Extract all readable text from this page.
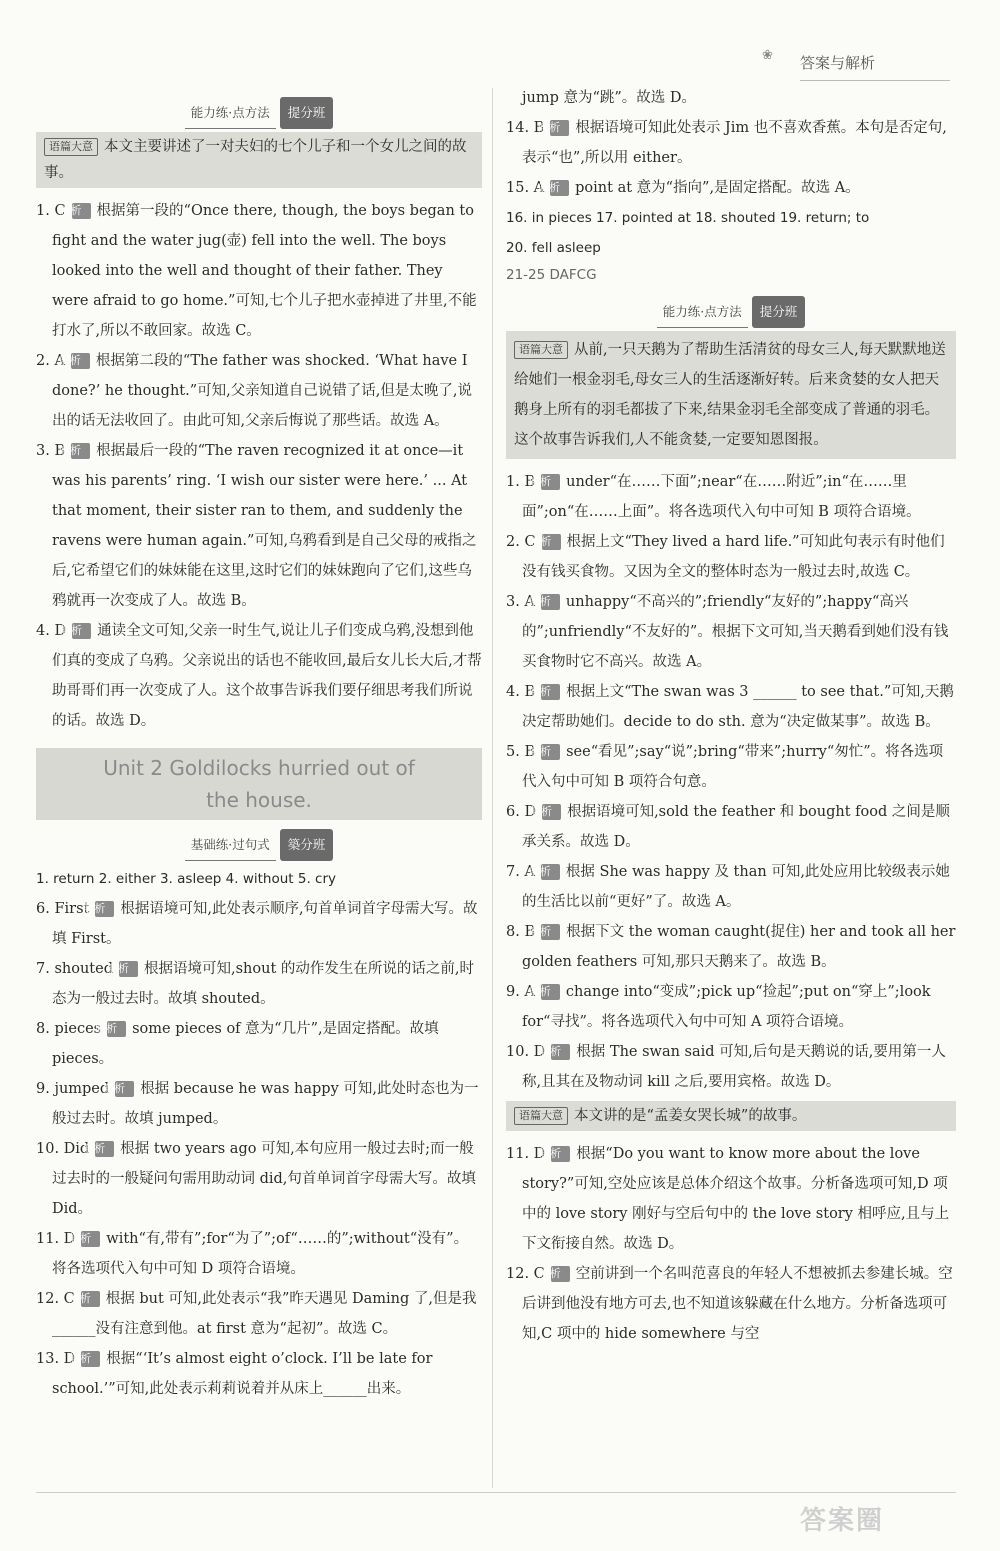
❀	答案与解析
能力练·点方法	提分班
语篇大意 本文主要讲述了一对夫妇的七个儿子和一个女儿之间的故事。
1. C解析 根据第一段的“Once there, though, the boys began to fight and the water jug(壶) fell into the well. The boys looked into the well and thought of their father. They were afraid to go home.”可知,七个儿子把水壶掉进了井里,不能打水了,所以不敢回家。故选 C。
2. A解析 根据第二段的“The father was shocked. ‘What have I done?’ he thought.”可知,父亲知道自己说错了话,但是太晚了,说出的话无法收回了。由此可知,父亲后悔说了那些话。故选 A。
3. B解析 根据最后一段的“The raven recognized it at once—it was his parents’ ring. ‘I wish our sister were here.’ ... At that moment, their sister ran to them, and suddenly the ravens were human again.”可知,乌鸦看到是自己父母的戒指之后,它希望它们的妹妹能在这里,这时它们的妹妹跑向了它们,这些乌鸦就再一次变成了人。故选 B。
4. D解析 通读全文可知,父亲一时生气,说让儿子们变成乌鸦,没想到他们真的变成了乌鸦。父亲说出的话也不能收回,最后女儿长大后,才帮助哥哥们再一次变成了人。这个故事告诉我们要仔细思考我们所说的话。故选 D。
Unit 2 Goldilocks hurried out of
the house.
基础练·过句式	築分班
1. return 2. either 3. asleep 4. without 5. cry
6. First解析 根据语境可知,此处表示顺序,句首单词首字母需大写。故填 First。
7. shouted解析 根据语境可知,shout 的动作发生在所说的话之前,时态为一般过去时。故填 shouted。
8. pieces解析 some pieces of 意为“几片”,是固定搭配。故填 pieces。
9. jumped解析 根据 because he was happy 可知,此处时态也为一般过去时。故填 jumped。
10. Did解析 根据 two years ago 可知,本句应用一般过去时;而一般过去时的一般疑问句需用助动词 did,句首单词首字母需大写。故填 Did。
11. D解析 with“有,带有”;for“为了”;of“……的”;without“没有”。将各选项代入句中可知 D 项符合语境。
12. C解析 根据 but 可知,此处表示“我”昨天遇见 Daming 了,但是我______没有注意到他。at first 意为“起初”。故选 C。
13. D解析 根据“‘It’s almost eight o’clock. I’ll be late for school.’”可知,此处表示莉莉说着并从床上______出来。
jump 意为“跳”。故选 D。
14. B解析 根据语境可知此处表示 Jim 也不喜欢香蕉。本句是否定句,表示“也”,所以用 either。
15. A解析 point at 意为“指向”,是固定搭配。故选 A。
16. in pieces 17. pointed at 18. shouted 19. return; to
20. fell asleep
21-25 DAFCG
能力练·点方法	提分班
语篇大意 从前,一只天鹅为了帮助生活清贫的母女三人,每天默默地送给她们一根金羽毛,母女三人的生活逐渐好转。后来贪婪的女人把天鹅身上所有的羽毛都拔了下来,结果金羽毛全部变成了普通的羽毛。这个故事告诉我们,人不能贪婪,一定要知恩图报。
1. B解析 under“在……下面”;near“在……附近”;in“在……里面”;on“在……上面”。将各选项代入句中可知 B 项符合语境。
2. C解析 根据上文“They lived a hard life.”可知此句表示有时他们没有钱买食物。又因为全文的整体时态为一般过去时,故选 C。
3. A解析 unhappy“不高兴的”;friendly“友好的”;happy“高兴的”;unfriendly“不友好的”。根据下文可知,当天鹅看到她们没有钱买食物时它不高兴。故选 A。
4. B解析 根据上文“The swan was 3 ______ to see that.”可知,天鹅决定帮助她们。decide to do sth. 意为“决定做某事”。故选 B。
5. B解析 see“看见”;say“说”;bring“带来”;hurry“匆忙”。将各选项代入句中可知 B 项符合句意。
6. D解析 根据语境可知,sold the feather 和 bought food 之间是顺承关系。故选 D。
7. A解析 根据 She was happy 及 than 可知,此处应用比较级表示她的生活比以前“更好”了。故选 A。
8. B解析 根据下文 the woman caught(捉住) her and took all her golden feathers 可知,那只天鹅来了。故选 B。
9. A解析 change into“变成”;pick up“捡起”;put on“穿上”;look for“寻找”。将各选项代入句中可知 A 项符合语境。
10. D解析 根据 The swan said 可知,后句是天鹅说的话,要用第一人称,且其在及物动词 kill 之后,要用宾格。故选 D。
语篇大意 本文讲的是“孟姜女哭长城”的故事。
11. D解析 根据“Do you want to know more about the love story?”可知,空处应该是总体介绍这个故事。分析备选项可知,D 项中的 love story 刚好与空后句中的 the love story 相呼应,且与上下文衔接自然。故选 D。
12. C解析 空前讲到一个名叫范喜良的年轻人不想被抓去参建长城。空后讲到他没有地方可去,也不知道该躲藏在什么地方。分析备选项可知,C 项中的 hide somewhere 与空
答案圈
